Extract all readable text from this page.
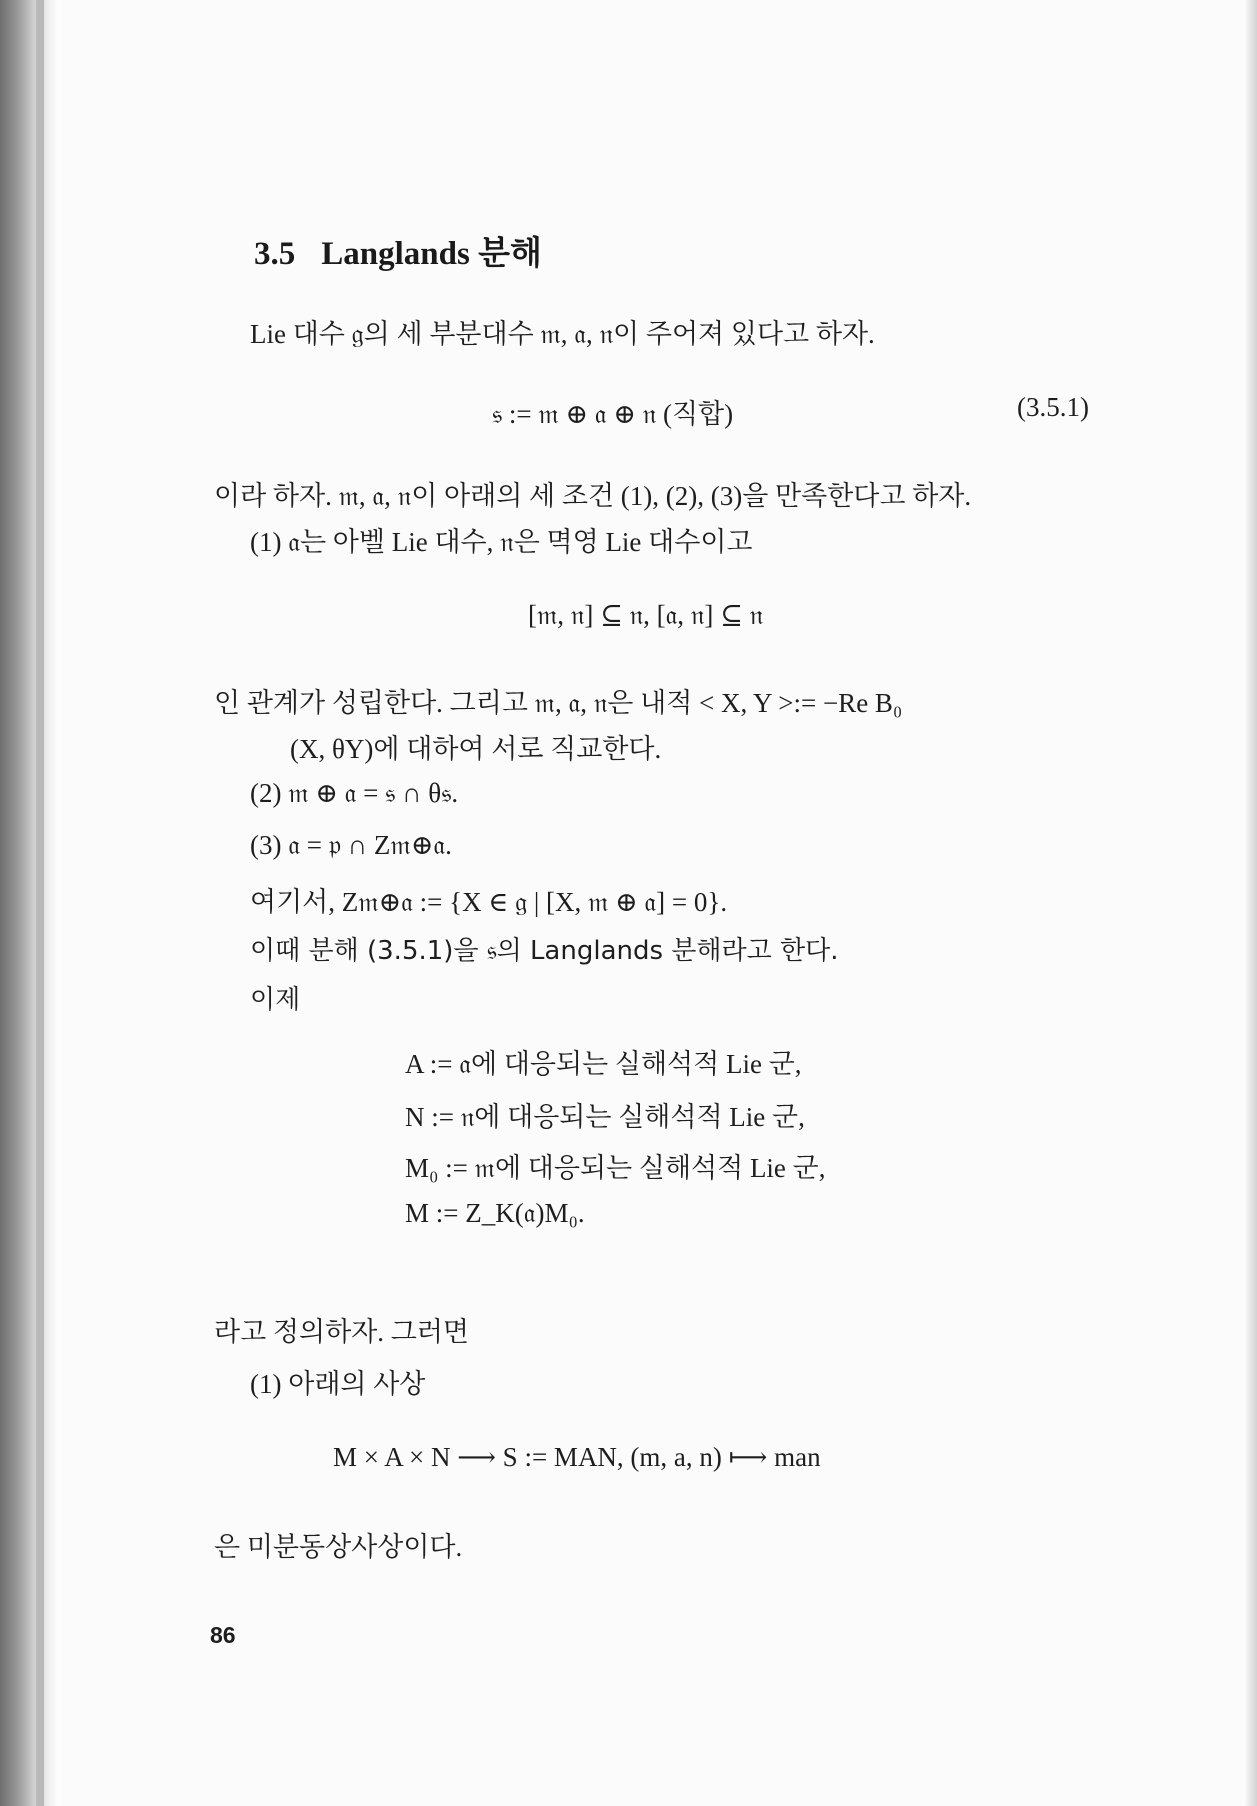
3.5 Langlands 분해
Lie 대수 𝔤의 세 부분대수 𝔪, 𝔞, 𝔫이 주어져 있다고 하자.
𝔰 := 𝔪 ⊕ 𝔞 ⊕ 𝔫 (직합)	(3.5.1)
이라 하자. 𝔪, 𝔞, 𝔫이 아래의 세 조건 (1), (2), (3)을 만족한다고 하자.
(1) 𝔞는 아벨 Lie 대수, 𝔫은 멱영 Lie 대수이고
[𝔪, 𝔫] ⊆ 𝔫, [𝔞, 𝔫] ⊆ 𝔫
인 관계가 성립한다. 그리고 𝔪, 𝔞, 𝔫은 내적 < X, Y >:= −Re B₀
(X, θY)에 대하여 서로 직교한다.
(2) 𝔪 ⊕ 𝔞 = 𝔰 ∩ θ𝔰.
(3) 𝔞 = 𝔭 ∩ Z𝔪⊕𝔞.
여기서, Z𝔪⊕𝔞 := {X ∈ 𝔤 | [X, 𝔪 ⊕ 𝔞] = 0}.
이때 분해 (3.5.1)을 𝔰의 Langlands 분해라고 한다.
이제
A := 𝔞에 대응되는 실해석적 Lie 군,
N := 𝔫에 대응되는 실해석적 Lie 군,
M₀ := 𝔪에 대응되는 실해석적 Lie 군,
M := Z_K(𝔞)M₀.
라고 정의하자. 그러면
(1) 아래의 사상
M × A × N ⟶ S := MAN, (m, a, n) ⟼ man
은 미분동상사상이다.
86
